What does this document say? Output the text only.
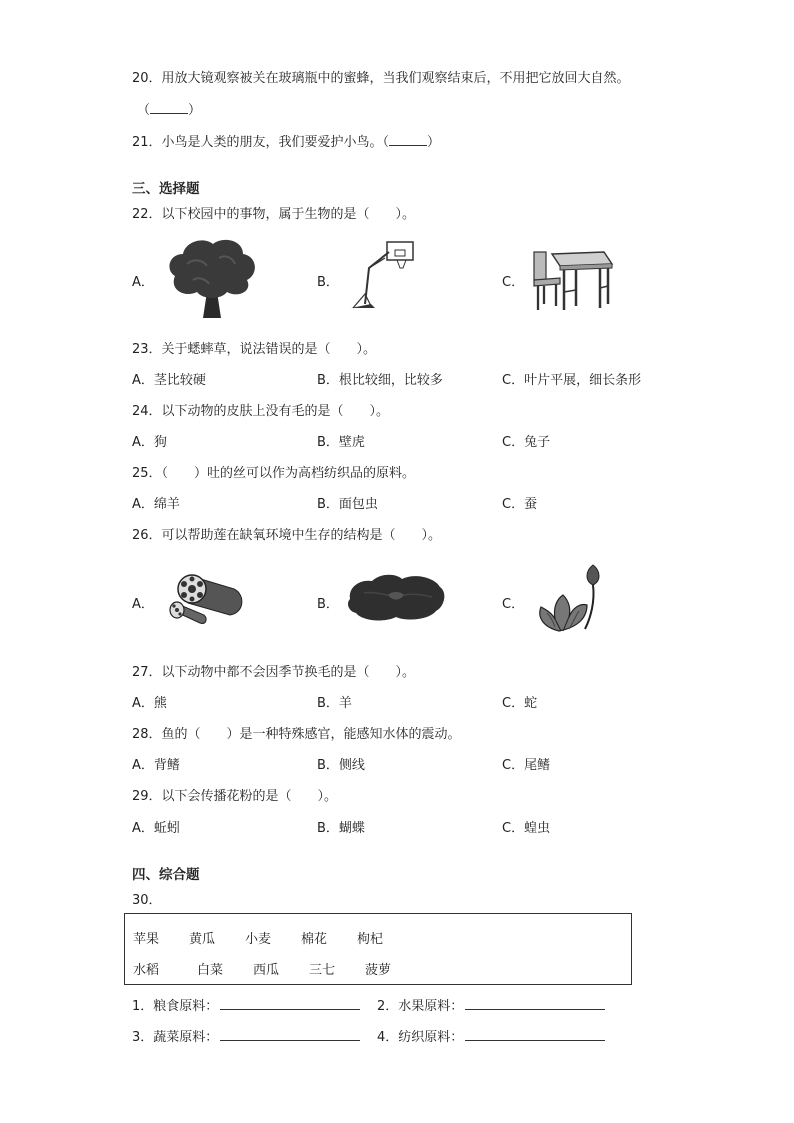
20．用放大镜观察被关在玻璃瓶中的蜜蜂，当我们观察结束后，不用把它放回大自然。
（	）
21．小鸟是人类的朋友，我们要爱护小鸟。（	）
三、选择题
22．以下校园中的事物，属于生物的是（　　）。
A．	B．	C．
23．关于蟋蟀草，说法错误的是（　　）。
A．茎比较硬	B．根比较细，比较多	C．叶片平展，细长条形
24．以下动物的皮肤上没有毛的是（　　）。
A．狗	B．壁虎	C．兔子
25．（　　）吐的丝可以作为高档纺织品的原料。
A．绵羊	B．面包虫	C．蚕
26．可以帮助莲在缺氧环境中生存的结构是（　　）。
A．	B．	C．
27．以下动物中都不会因季节换毛的是（　　）。
A．熊	B．羊	C．蛇
28．鱼的（　　）是一种特殊感官，能感知水体的震动。
A．背鳍	B．侧线	C．尾鳍
29．以下会传播花粉的是（　　）。
A．蚯蚓	B．蝴蝶	C．蝗虫
四、综合题
30．
苹果 黄瓜 小麦 棉花 枸杞
水稻	白菜 西瓜 三七 菠萝
1．粮食原料：	2．水果原料：
3．蔬菜原料：	4．纺织原料：
